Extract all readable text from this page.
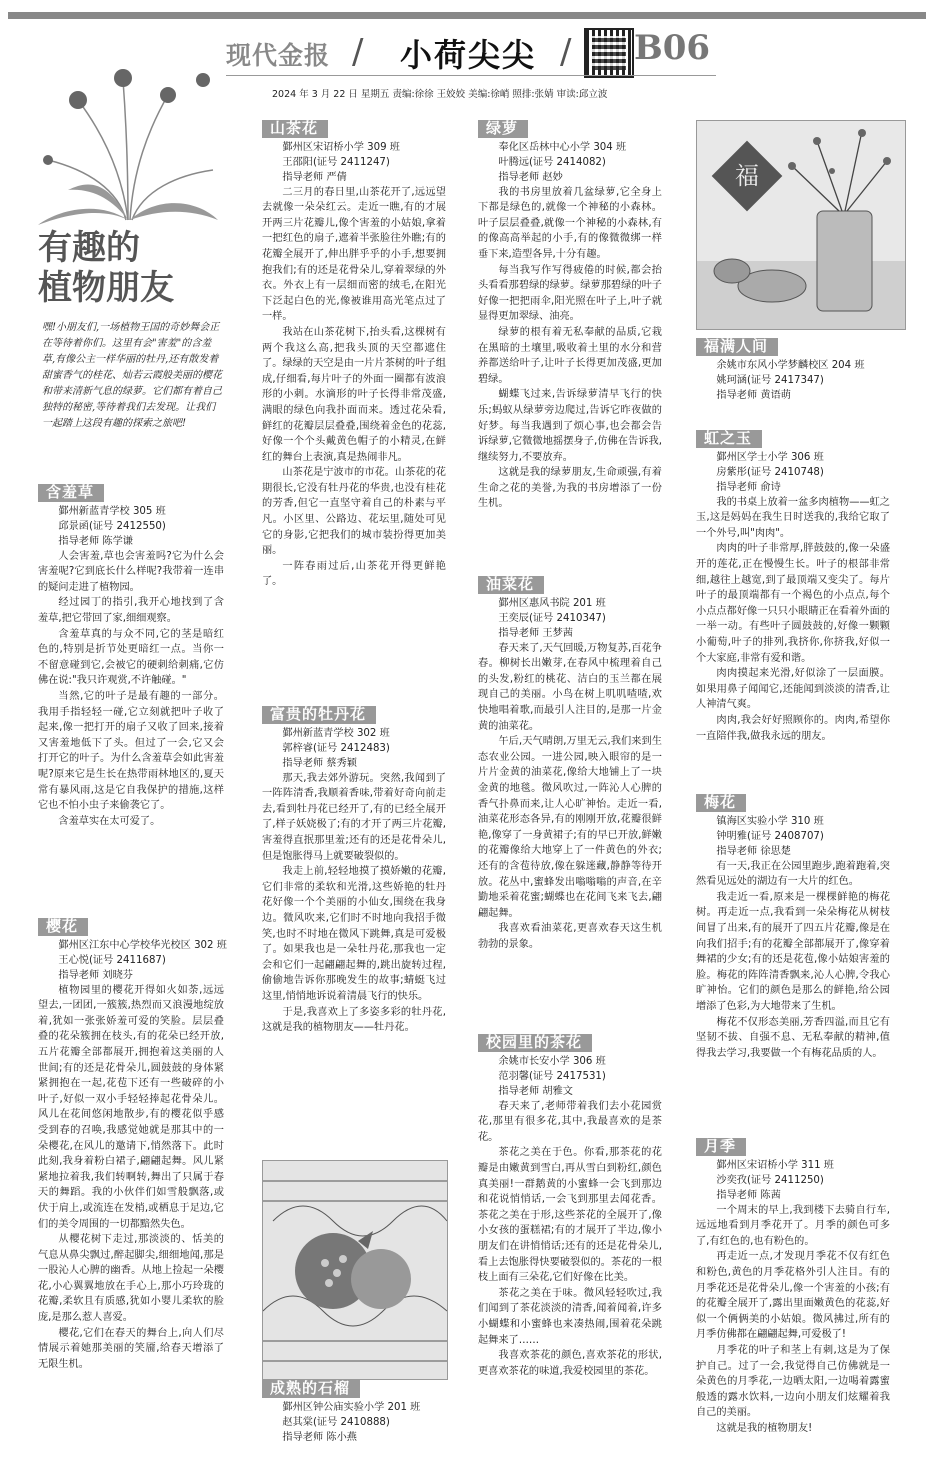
现代金报 / 小荷尖尖 / B06
2024 年 3 月 22 日 星期五 责编:徐徐 王姣姣 美编:徐峭 照排:张婧 审读:邱立波
有趣的
植物朋友
嘿!小朋友们,一场植物王国的奇妙舞会正在等待着你们。这里有会"害羞"的含羞草,有像公主一样华丽的牡丹,还有散发着甜蜜香气的桂花、灿若云霞般美丽的樱花和带来清新气息的绿萝。它们都有着自己独特的秘密,等待着我们去发现。让我们一起踏上这段有趣的探索之旅吧!
含羞草

鄞州新蓝青学校 305 班

邱景函(证号 2412550)

指导老师 陈学谦

人会害羞,草也会害羞吗?它为什么会害羞呢?它到底长什么样呢?我带着一连串的疑问走进了植物园。

经过园丁的指引,我开心地找到了含羞草,把它带回了家,细细观察。

含羞草真的与众不同,它的茎是暗红色的,特别是折节处更暗红一点。当你一不留意碰到它,会被它的硬刺给刺痛,它仿佛在说:"我只许观赏,不许触碰。"

当然,它的叶子是最有趣的一部分。我用手指轻轻一碰,它立刻就把叶子收了起来,像一把打开的扇子又收了回来,接着又害羞地低下了头。但过了一会,它又会打开它的叶子。为什么含羞草会如此害羞呢?原来它是生长在热带雨林地区的,夏天常有暴风雨,这是它自我保护的措施,这样它也不怕小虫子来偷袭它了。

含羞草实在太可爱了。

樱花

鄞州区江东中心学校华光校区 302 班

王心悦(证号 2411687)

指导老师 刘晓芬

植物园里的樱花开得如火如荼,远远望去,一团团,一簇簇,热烈而又浪漫地绽放着,犹如一张张娇羞可爱的笑脸。层层叠叠的花朵簇拥在枝头,有的花朵已经开放,五片花瓣全部都展开,拥抱着这美丽的人世间;有的还是花骨朵儿,圆鼓鼓的身体紧紧拥抱在一起,花苞下还有一些破碎的小叶子,好似一双小手轻轻捧起花骨朵儿。风儿在花间悠闲地散步,有的樱花似乎感受到春的召唤,我感觉她就是那其中的一朵樱花,在风儿的邀请下,悄然落下。此时此刻,我身着粉白裙子,翩翩起舞。风儿紧紧地拉着我,我们转啊转,舞出了只属于春天的舞蹈。我的小伙伴们如雪般飘落,或伏于肩上,或流连在发梢,或栖息于足边,它们的美令周围的一切都黯然失色。

从樱花树下走过,那淡淡的、恬美的气息从鼻尖飘过,醉起脚尖,细细地闻,那是一股沁人心脾的幽香。从地上捡起一朵樱花,小心翼翼地放在手心上,那小巧玲珑的花瓣,柔软且有质感,犹如小婴儿柔软的脸庞,是那么惹人喜爱。

樱花,它们在春天的舞台上,向人们尽情展示着她那美丽的笑靥,给春天增添了无限生机。

山茶花

鄞州区宋诏桥小学 309 班

王邵阳(证号 2411247)

指导老师 严倩

二三月的春日里,山茶花开了,远远望去就像一朵朵红云。走近一瞧,有的才展开两三片花瓣儿,像个害羞的小姑娘,拿着一把红色的扇子,遮着半张脸往外瞧;有的花瓣全展开了,伸出胖乎乎的小手,想要拥抱我们;有的还是花骨朵儿,穿着翠绿的外衣。外衣上有一层细而密的绒毛,在阳光下泛起白色的光,像被谁用高光笔点过了一样。

我站在山茶花树下,抬头看,这棵树有两个我这么高,把我头顶的天空都遮住了。绿绿的天空是由一片片茶树的叶子组成,仔细看,每片叶子的外面一圈都有波浪形的小刺。水滴形的叶子长得非常茂盛,满眼的绿色向我扑面而来。透过花朵看,鲜红的花瓣层层叠叠,围绕着金色的花蕊,好像一个个头戴黄色帽子的小精灵,在鲜红的舞台上表演,真是热闹非凡。

山茶花是宁波市的市花。山茶花的花期很长,它没有牡丹花的华贵,也没有桂花的芳香,但它一直坚守着自己的朴素与平凡。小区里、公路边、花坛里,随处可见它的身影,它把我们的城市装扮得更加美丽。

一阵春雨过后,山茶花开得更鲜艳了。

富贵的牡丹花

鄞州新蓝青学校 302 班

郭梓睿(证号 2412483)

指导老师 蔡秀颖

那天,我去郊外游玩。突然,我闻到了一阵阵清香,我顺着香味,带着好奇向前走去,看到牡丹花已经开了,有的已经全展开了,样子妖娆极了;有的才开了两三片花瓣,害羞得直抿那里羞;还有的还是花骨朵儿,但是饱胀得马上就要破裂似的。

我走上前,轻轻地摸了摸娇嫩的花瓣,它们非常的柔软和光滑,这些娇艳的牡丹花好像一个个美丽的小仙女,围绕在我身边。微风吹来,它们时不时地向我招手微笑,也时不时地在微风下跳舞,真是可爱极了。如果我也是一朵牡丹花,那我也一定会和它们一起翩翩起舞的,跳出旋转过程,偷偷地告诉你那晚发生的故事;蜻蜓飞过这里,悄悄地诉说着清晨飞行的快乐。

于是,我喜欢上了多姿多彩的牡丹花,这就是我的植物朋友——牡丹花。

成熟的石榴

鄞州区钟公庙实验小学 201 班

赵其棠(证号 2410888)

指导老师 陈小燕

绿萝

奉化区岳林中心小学 304 班

叶腾远(证号 2414082)

指导老师 赵妙

我的书房里放着几盆绿萝,它全身上下都是绿色的,就像一个神秘的小森林。叶子层层叠叠,就像一个神秘的小森林,有的像高高举起的小手,有的像微微绑一样垂下来,造型各异,十分有趣。

每当我写作写得疲倦的时候,都会抬头看看那碧绿的绿萝。绿萝那碧绿的叶子好像一把把雨伞,阳光照在叶子上,叶子就显得更加翠绿、油亮。

绿萝的根有着无私奉献的品质,它栽在黑暗的土壤里,吸收着土里的水分和营养都送给叶子,让叶子长得更加茂盛,更加碧绿。

蝴蝶飞过来,告诉绿萝清早飞行的快乐;蚂蚁从绿萝旁边爬过,告诉它昨夜做的好梦。每当我遇到了烦心事,也会都会告诉绿萝,它微微地摇摆身子,仿佛在告诉我,继续努力,不要放弃。

这就是我的绿萝朋友,生命顽强,有着生命之花的美誉,为我的书房增添了一份生机。

油菜花

鄞州区惠风书院 201 班

王奕辰(证号 2410347)

指导老师 王梦茜

春天来了,天气回暖,万物复苏,百花争春。柳树长出嫩芽,在春风中梳理着自己的头发,粉红的桃花、洁白的玉兰都在展现自己的美丽。小鸟在树上叽叽喳喳,欢快地唱着歌,而最引人注目的,是那一片金黄的油菜花。

午后,天气晴朗,万里无云,我们来到生态农业公园。一进公园,映入眼帘的是一片片金黄的油菜花,像给大地铺上了一块金黄的地毯。微风吹过,一阵沁人心脾的香气扑鼻而来,让人心旷神怡。走近一看,油菜花形态各异,有的刚刚开放,花瓣很鲜艳,像穿了一身黄裙子;有的早已开放,鲜嫩的花瓣像给大地穿上了一件黄色的外衣;还有的含苞待放,像在躲迷藏,静静等待开放。花丛中,蜜蜂发出嗡嗡嗡的声音,在辛勤地采着花蜜;蝴蝶也在花间飞来飞去,翩翩起舞。

我喜欢看油菜花,更喜欢春天这生机勃勃的景象。

校园里的茶花

余姚市长安小学 306 班

范羽馨(证号 2417531)

指导老师 胡雅文

春天来了,老师带着我们去小花园赏花,那里有很多花,其中,我最喜欢的是茶花。

茶花之美在于色。你看,那茶花的花瓣是由嫩黄到雪白,再从雪白到粉红,颜色真美丽!一群鹅黄的小蜜蜂一会飞到那边和花说悄悄话,一会飞到那里去闻花香。茶花之美在于形,这些茶花的全展开了,像小女孩的蛋糕裙;有的才展开了半边,像小朋友们在讲悄悄话;还有的还是花骨朵儿,看上去饱胀得快要破裂似的。茶花的一根枝上面有三朵花,它们好像在比美。

茶花之美在于味。微风轻轻吹过,我们闻到了茶花淡淡的清香,闻着闻着,许多小蝴蝶和小蜜蜂也来凑热闹,围着花朵跳起舞来了……

我喜欢茶花的颜色,喜欢茶花的形状,更喜欢茶花的味道,我爱校园里的茶花。

福
福满人间

余姚市东风小学梦麟校区 204 班

姚珂涵(证号 2417347)

指导老师 黄语萌

虹之玉

鄞州区学士小学 306 班

房紫彤(证号 2410748)

指导老师 俞诗

我的书桌上放着一盆多肉植物——虹之玉,这是妈妈在我生日时送我的,我给它取了一个外号,叫"肉肉"。

肉肉的叶子非常厚,胖鼓鼓的,像一朵盛开的莲花,正在慢慢生长。叶子的根部非常细,越往上越宽,到了最顶端又变尖了。每片叶子的最顶端都有一个褐色的小点点,每个小点点都好像一只只小眼睛正在看着外面的一举一动。有些叶子圆鼓鼓的,好像一颗颗小葡萄,叶子的排列,我挤你,你挤我,好似一个大家庭,非常有爱和谐。

肉肉摸起来光滑,好似涂了一层面膜。如果用鼻子闻闻它,还能闻到淡淡的清香,让人神清气爽。

肉肉,我会好好照顾你的。肉肉,希望你一直陪伴我,做我永远的朋友。

梅花

镇海区实验小学 310 班

钟明雅(证号 2408707)

指导老师 徐思楚

有一天,我正在公园里跑步,跑着跑着,突然看见远处的湖边有一大片的红色。

我走近一看,原来是一棵棵鲜艳的梅花树。再走近一点,我看到一朵朵梅花从树枝间冒了出来,有的展开了四五片花瓣,像是在向我们招手;有的花瓣全部都展开了,像穿着舞裙的少女;有的还是花苞,像小姑娘害羞的脸。梅花的阵阵清香飘来,沁人心脾,令我心旷神怡。它们的颜色是那么的鲜艳,给公园增添了色彩,为大地带来了生机。

梅花不仅形态美丽,芳香四溢,而且它有坚韧不拔、自强不息、无私奉献的精神,值得我去学习,我要做一个有梅花品质的人。

月季

鄞州区宋诏桥小学 311 班

沙奕孜(证号 2411250)

指导老师 陈茜

一个周末的早上,我到楼下去骑自行车,远远地看到月季花开了。月季的颜色可多了,有红色的,也有粉色的。

再走近一点,才发现月季花不仅有红色和粉色,黄色的月季花格外引人注目。有的月季花还是花骨朵儿,像一个害羞的小孩;有的花瓣全展开了,露出里面嫩黄色的花蕊,好似一个俩俩美的小姑娘。微风拂过,所有的月季仿佛都在翩翩起舞,可爱极了!

月季花的叶子和茎上有刺,这是为了保护自己。过了一会,我觉得自己仿佛就是一朵黄色的月季花,一边晒太阳,一边喝着露蜜般透的露水饮料,一边向小朋友们炫耀着我自己的美丽。

这就是我的植物朋友!
